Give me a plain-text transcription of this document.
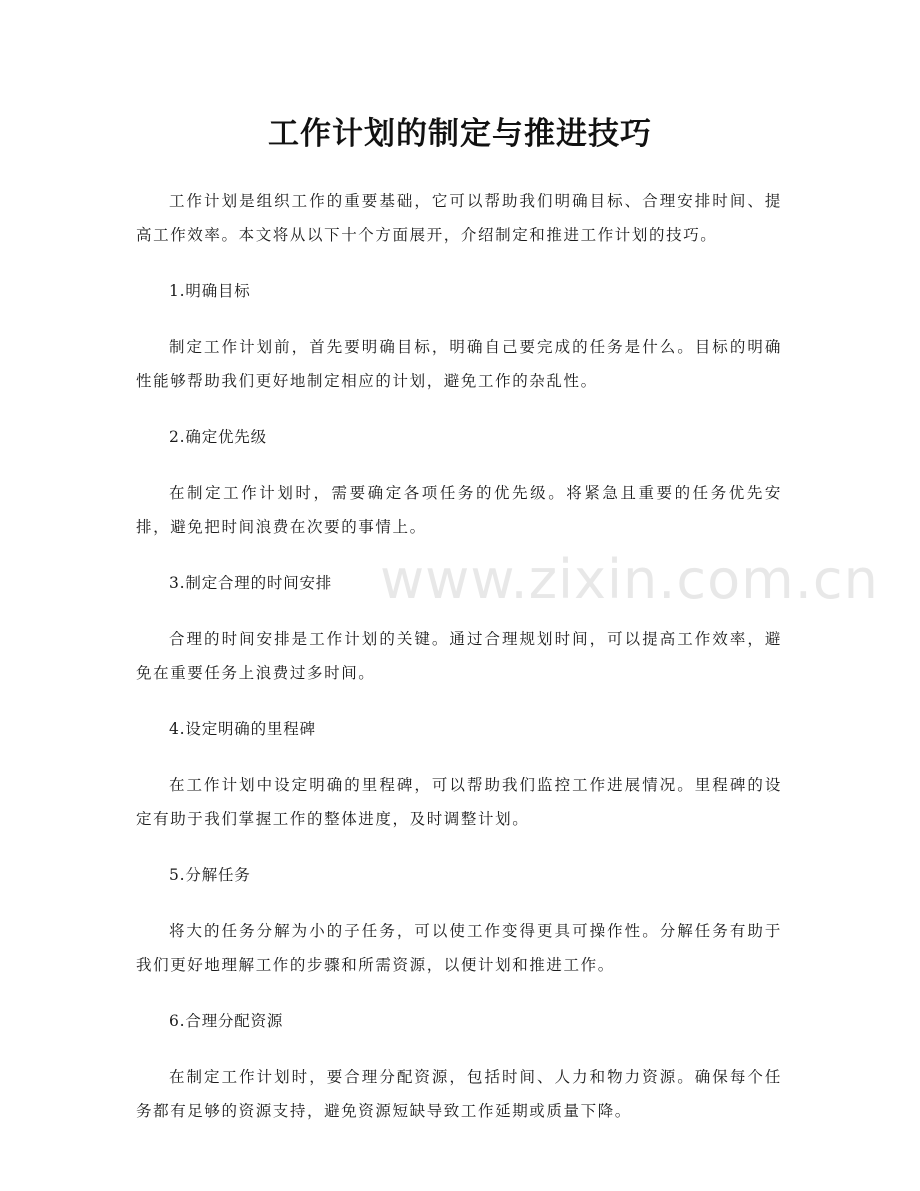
工作计划的制定与推进技巧

工作计划是组织工作的重要基础，它可以帮助我们明确目标、合理安排时间、提高工作效率。本文将从以下十个方面展开，介绍制定和推进工作计划的技巧。

1.明确目标

制定工作计划前，首先要明确目标，明确自己要完成的任务是什么。目标的明确性能够帮助我们更好地制定相应的计划，避免工作的杂乱性。

2.确定优先级

在制定工作计划时，需要确定各项任务的优先级。将紧急且重要的任务优先安排，避免把时间浪费在次要的事情上。

3.制定合理的时间安排

合理的时间安排是工作计划的关键。通过合理规划时间，可以提高工作效率，避免在重要任务上浪费过多时间。

4.设定明确的里程碑

在工作计划中设定明确的里程碑，可以帮助我们监控工作进展情况。里程碑的设定有助于我们掌握工作的整体进度，及时调整计划。

5.分解任务

将大的任务分解为小的子任务，可以使工作变得更具可操作性。分解任务有助于我们更好地理解工作的步骤和所需资源，以便计划和推进工作。

6.合理分配资源

在制定工作计划时，要合理分配资源，包括时间、人力和物力资源。确保每个任务都有足够的资源支持，避免资源短缺导致工作延期或质量下降。

www.zixin.com.cn
